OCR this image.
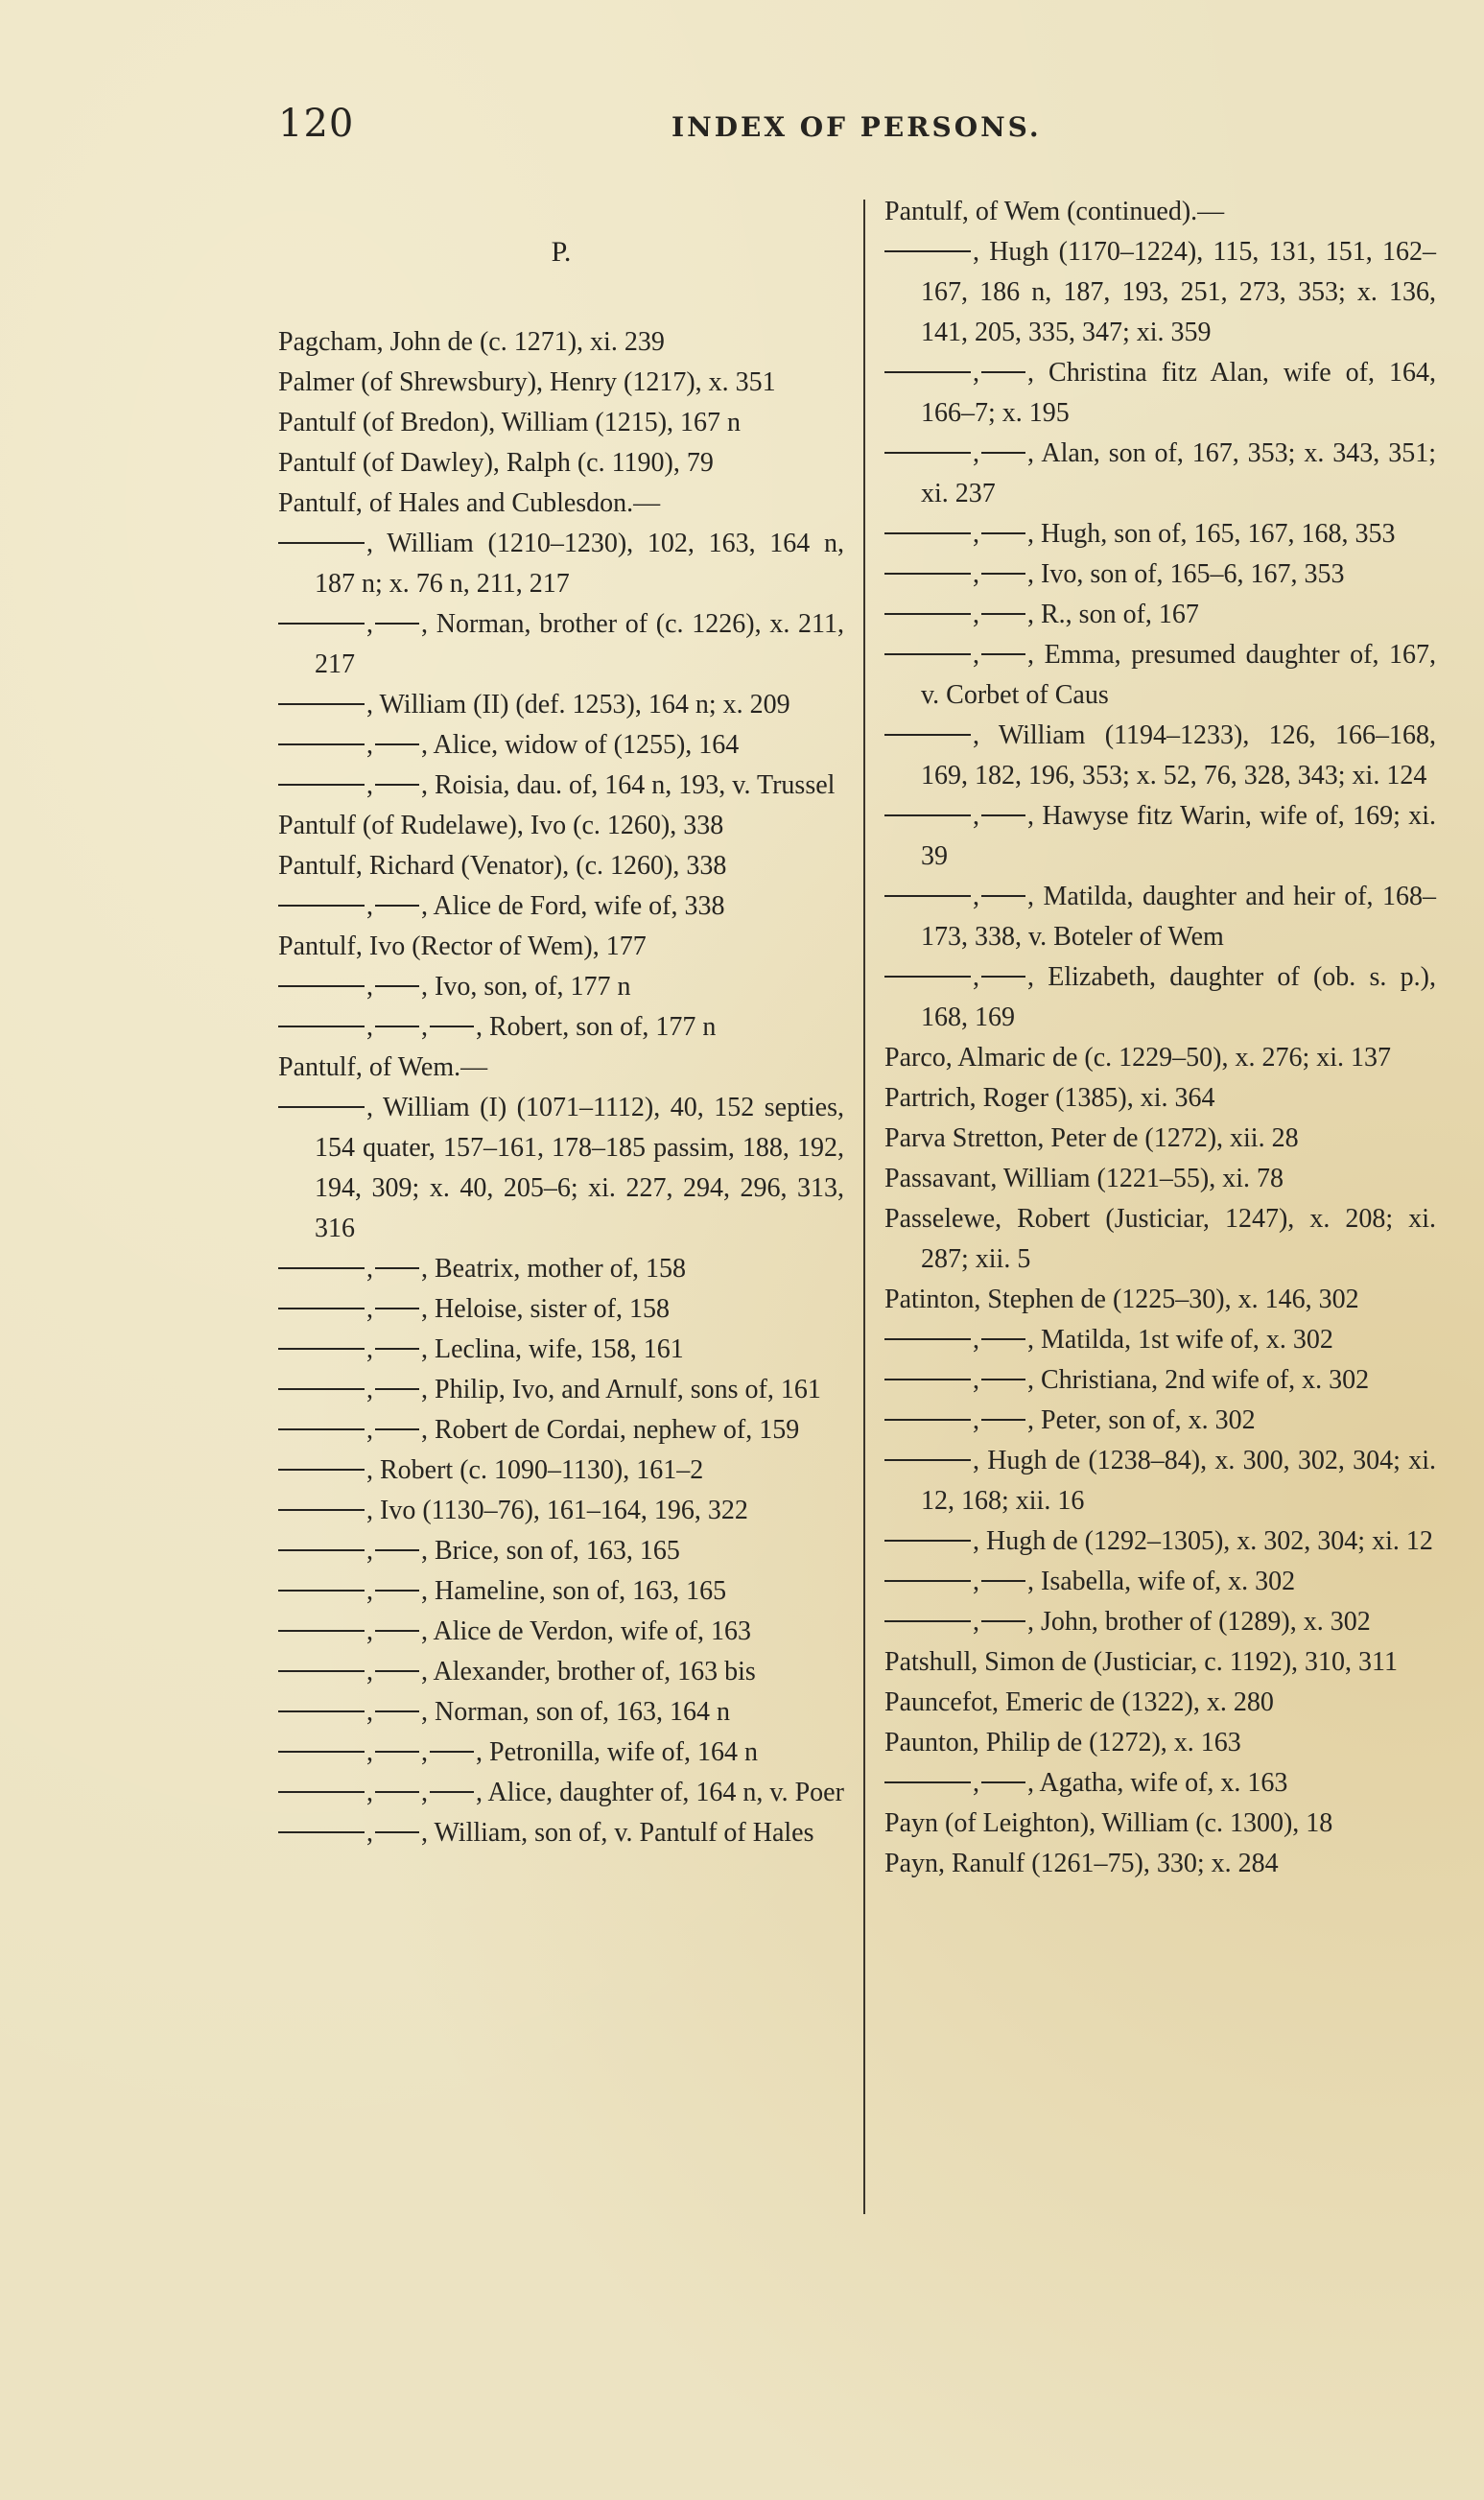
120	INDEX OF PERSONS.
P.
Pagcham, John de (c. 1271), xi. 239
Palmer (of Shrewsbury), Henry (1217), x. 351
Pantulf (of Bredon), William (1215), 167 n
Pantulf (of Dawley), Ralph (c. 1190), 79
Pantulf, of Hales and Cublesdon.—
, William (1210–1230), 102, 163, 164 n, 187 n; x. 76 n, 211, 217
, , Norman, brother of (c. 1226), x. 211, 217
, William (II) (def. 1253), 164 n; x. 209
, , Alice, widow of (1255), 164
, , Roisia, dau. of, 164 n, 193, v. Trussel
Pantulf (of Rudelawe), Ivo (c. 1260), 338
Pantulf, Richard (Venator), (c. 1260), 338
, , Alice de Ford, wife of, 338
Pantulf, Ivo (Rector of Wem), 177
, , Ivo, son, of, 177 n
, , , Robert, son of, 177 n
Pantulf, of Wem.—
, William (I) (1071–1112), 40, 152 septies, 154 quater, 157–161, 178–185 passim, 188, 192, 194, 309; x. 40, 205–6; xi. 227, 294, 296, 313, 316
, , Beatrix, mother of, 158
, , Heloise, sister of, 158
, , Leclina, wife, 158, 161
, , Philip, Ivo, and Arnulf, sons of, 161
, , Robert de Cordai, nephew of, 159
, Robert (c. 1090–1130), 161–2
, Ivo (1130–76), 161–164, 196, 322
, , Brice, son of, 163, 165
, , Hameline, son of, 163, 165
, , Alice de Verdon, wife of, 163
, , Alexander, brother of, 163 bis
, , Norman, son of, 163, 164 n
, , , Petronilla, wife of, 164 n
, , , Alice, daughter of, 164 n, v. Poer
, , William, son of, v. Pantulf of Hales
Pantulf, of Wem (continued).—
, Hugh (1170–1224), 115, 131, 151, 162–167, 186 n, 187, 193, 251, 273, 353; x. 136, 141, 205, 335, 347; xi. 359
, , Christina fitz Alan, wife of, 164, 166–7; x. 195
, , Alan, son of, 167, 353; x. 343, 351; xi. 237
, , Hugh, son of, 165, 167, 168, 353
, , Ivo, son of, 165–6, 167, 353
, , R., son of, 167
, , Emma, presumed daughter of, 167, v. Corbet of Caus
, William (1194–1233), 126, 166–168, 169, 182, 196, 353; x. 52, 76, 328, 343; xi. 124
, , Hawyse fitz Warin, wife of, 169; xi. 39
, , Matilda, daughter and heir of, 168–173, 338, v. Boteler of Wem
, , Elizabeth, daughter of (ob. s. p.), 168, 169
Parco, Almaric de (c. 1229–50), x. 276; xi. 137
Partrich, Roger (1385), xi. 364
Parva Stretton, Peter de (1272), xii. 28
Passavant, William (1221–55), xi. 78
Passelewe, Robert (Justiciar, 1247), x. 208; xi. 287; xii. 5
Patinton, Stephen de (1225–30), x. 146, 302
, , Matilda, 1st wife of, x. 302
, , Christiana, 2nd wife of, x. 302
, , Peter, son of, x. 302
, Hugh de (1238–84), x. 300, 302, 304; xi. 12, 168; xii. 16
, Hugh de (1292–1305), x. 302, 304; xi. 12
, , Isabella, wife of, x. 302
, , John, brother of (1289), x. 302
Patshull, Simon de (Justiciar, c. 1192), 310, 311
Pauncefot, Emeric de (1322), x. 280
Paunton, Philip de (1272), x. 163
, , Agatha, wife of, x. 163
Payn (of Leighton), William (c. 1300), 18
Payn, Ranulf (1261–75), 330; x. 284
